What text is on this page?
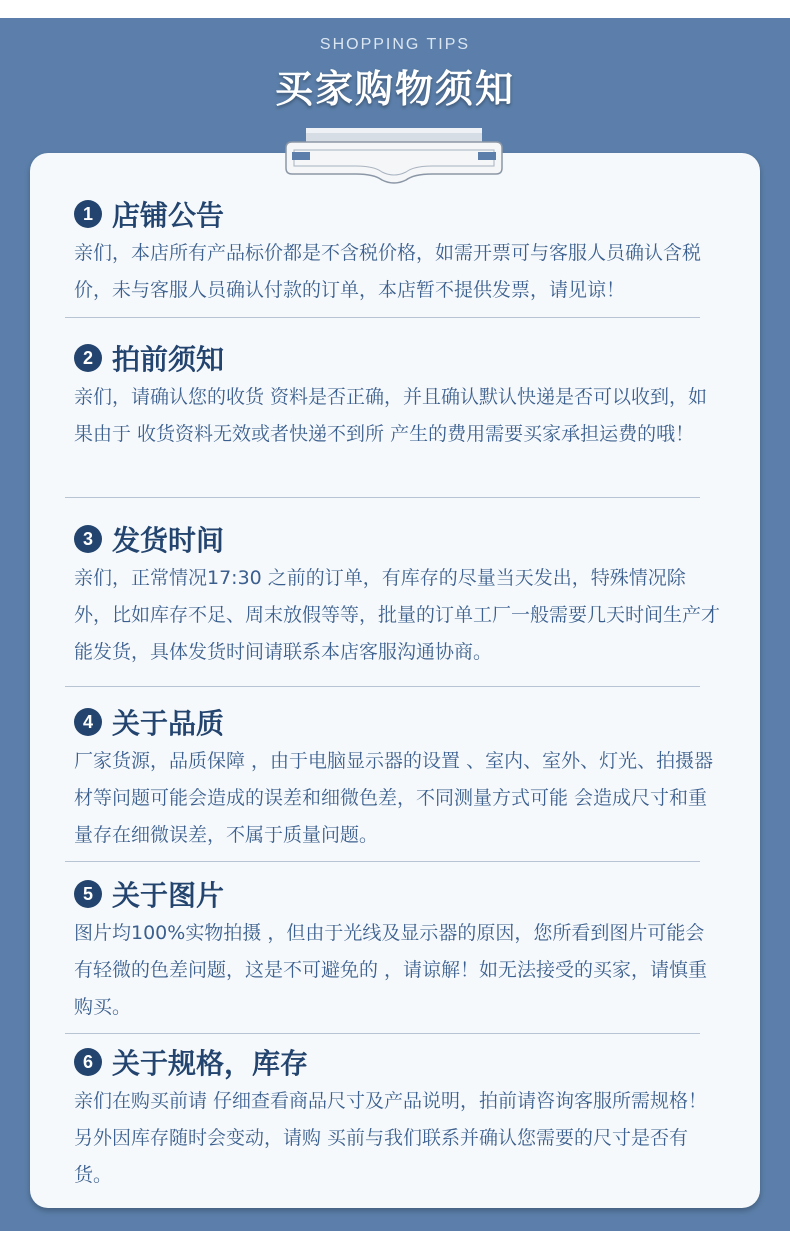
SHOPPING TIPS
买家购物须知
1 店铺公告
亲们，本店所有产品标价都是不含税价格，如需开票可与客服人员确认含税价，未与客服人员确认付款的订单，本店暂不提供发票，请见谅！
2 拍前须知
亲们，请确认您的收货 资料是否正确，并且确认默认快递是否可以收到，如果由于 收货资料无效或者快递不到所 产生的费用需要买家承担运费的哦！
3 发货时间
亲们，正常情况17:30 之前的订单，有库存的尽量当天发出，特殊情况除外，比如库存不足、周末放假等等，批量的订单工厂一般需要几天时间生产才能发货，具体发货时间请联系本店客服沟通协商。
4 关于品质
厂家货源，品质保障 ，由于电脑显示器的设置 、室内、室外、灯光、拍摄器材等问题可能会造成的误差和细微色差，不同测量方式可能 会造成尺寸和重量存在细微误差，不属于质量问题。
5 关于图片
图片均100%实物拍摄 ，但由于光线及显示器的原因，您所看到图片可能会有轻微的色差问题，这是不可避免的 ，请谅解！如无法接受的买家，请慎重购买。
6 关于规格，库存
亲们在购买前请 仔细查看商品尺寸及产品说明，拍前请咨询客服所需规格！另外因库存随时会变动，请购 买前与我们联系并确认您需要的尺寸是否有货。
